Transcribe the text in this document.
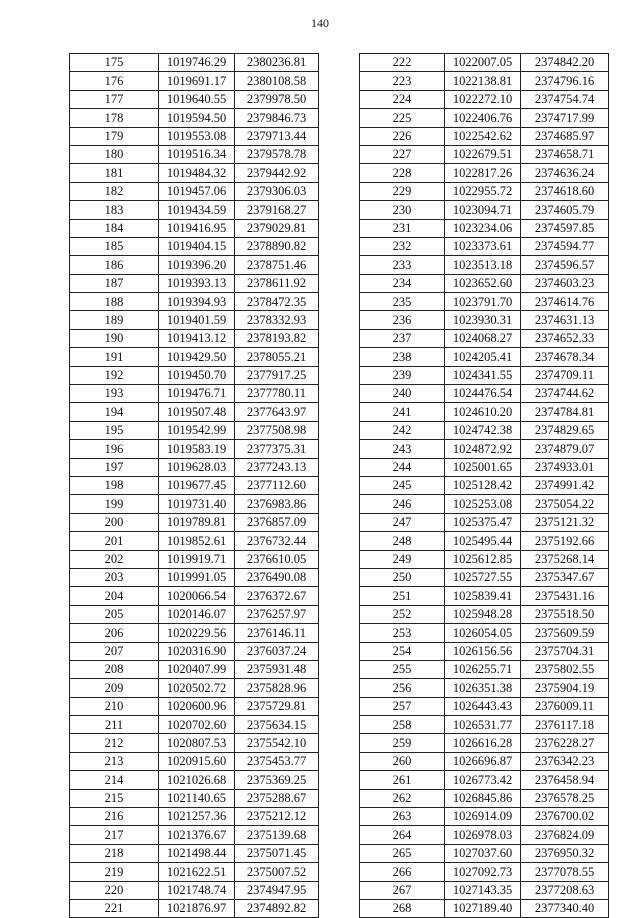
140
175	1019746.29	2380236.81
176	1019691.17	2380108.58
177	1019640.55	2379978.50
178	1019594.50	2379846.73
179	1019553.08	2379713.44
180	1019516.34	2379578.78
181	1019484.32	2379442.92
182	1019457.06	2379306.03
183	1019434.59	2379168.27
184	1019416.95	2379029.81
185	1019404.15	2378890.82
186	1019396.20	2378751.46
187	1019393.13	2378611.92
188	1019394.93	2378472.35
189	1019401.59	2378332.93
190	1019413.12	2378193.82
191	1019429.50	2378055.21
192	1019450.70	2377917.25
193	1019476.71	2377780.11
194	1019507.48	2377643.97
195	1019542.99	2377508.98
196	1019583.19	2377375.31
197	1019628.03	2377243.13
198	1019677.45	2377112.60
199	1019731.40	2376983.86
200	1019789.81	2376857.09
201	1019852.61	2376732.44
202	1019919.71	2376610.05
203	1019991.05	2376490.08
204	1020066.54	2376372.67
205	1020146.07	2376257.97
206	1020229.56	2376146.11
207	1020316.90	2376037.24
208	1020407.99	2375931.48
209	1020502.72	2375828.96
210	1020600.96	2375729.81
211	1020702.60	2375634.15
212	1020807.53	2375542.10
213	1020915.60	2375453.77
214	1021026.68	2375369.25
215	1021140.65	2375288.67
216	1021257.36	2375212.12
217	1021376.67	2375139.68
218	1021498.44	2375071.45
219	1021622.51	2375007.52
220	1021748.74	2374947.95
221	1021876.97	2374892.82
222	1022007.05	2374842.20
223	1022138.81	2374796.16
224	1022272.10	2374754.74
225	1022406.76	2374717.99
226	1022542.62	2374685.97
227	1022679.51	2374658.71
228	1022817.26	2374636.24
229	1022955.72	2374618.60
230	1023094.71	2374605.79
231	1023234.06	2374597.85
232	1023373.61	2374594.77
233	1023513.18	2374596.57
234	1023652.60	2374603.23
235	1023791.70	2374614.76
236	1023930.31	2374631.13
237	1024068.27	2374652.33
238	1024205.41	2374678.34
239	1024341.55	2374709.11
240	1024476.54	2374744.62
241	1024610.20	2374784.81
242	1024742.38	2374829.65
243	1024872.92	2374879.07
244	1025001.65	2374933.01
245	1025128.42	2374991.42
246	1025253.08	2375054.22
247	1025375.47	2375121.32
248	1025495.44	2375192.66
249	1025612.85	2375268.14
250	1025727.55	2375347.67
251	1025839.41	2375431.16
252	1025948.28	2375518.50
253	1026054.05	2375609.59
254	1026156.56	2375704.31
255	1026255.71	2375802.55
256	1026351.38	2375904.19
257	1026443.43	2376009.11
258	1026531.77	2376117.18
259	1026616.28	2376228.27
260	1026696.87	2376342.23
261	1026773.42	2376458.94
262	1026845.86	2376578.25
263	1026914.09	2376700.02
264	1026978.03	2376824.09
265	1027037.60	2376950.32
266	1027092.73	2377078.55
267	1027143.35	2377208.63
268	1027189.40	2377340.40
